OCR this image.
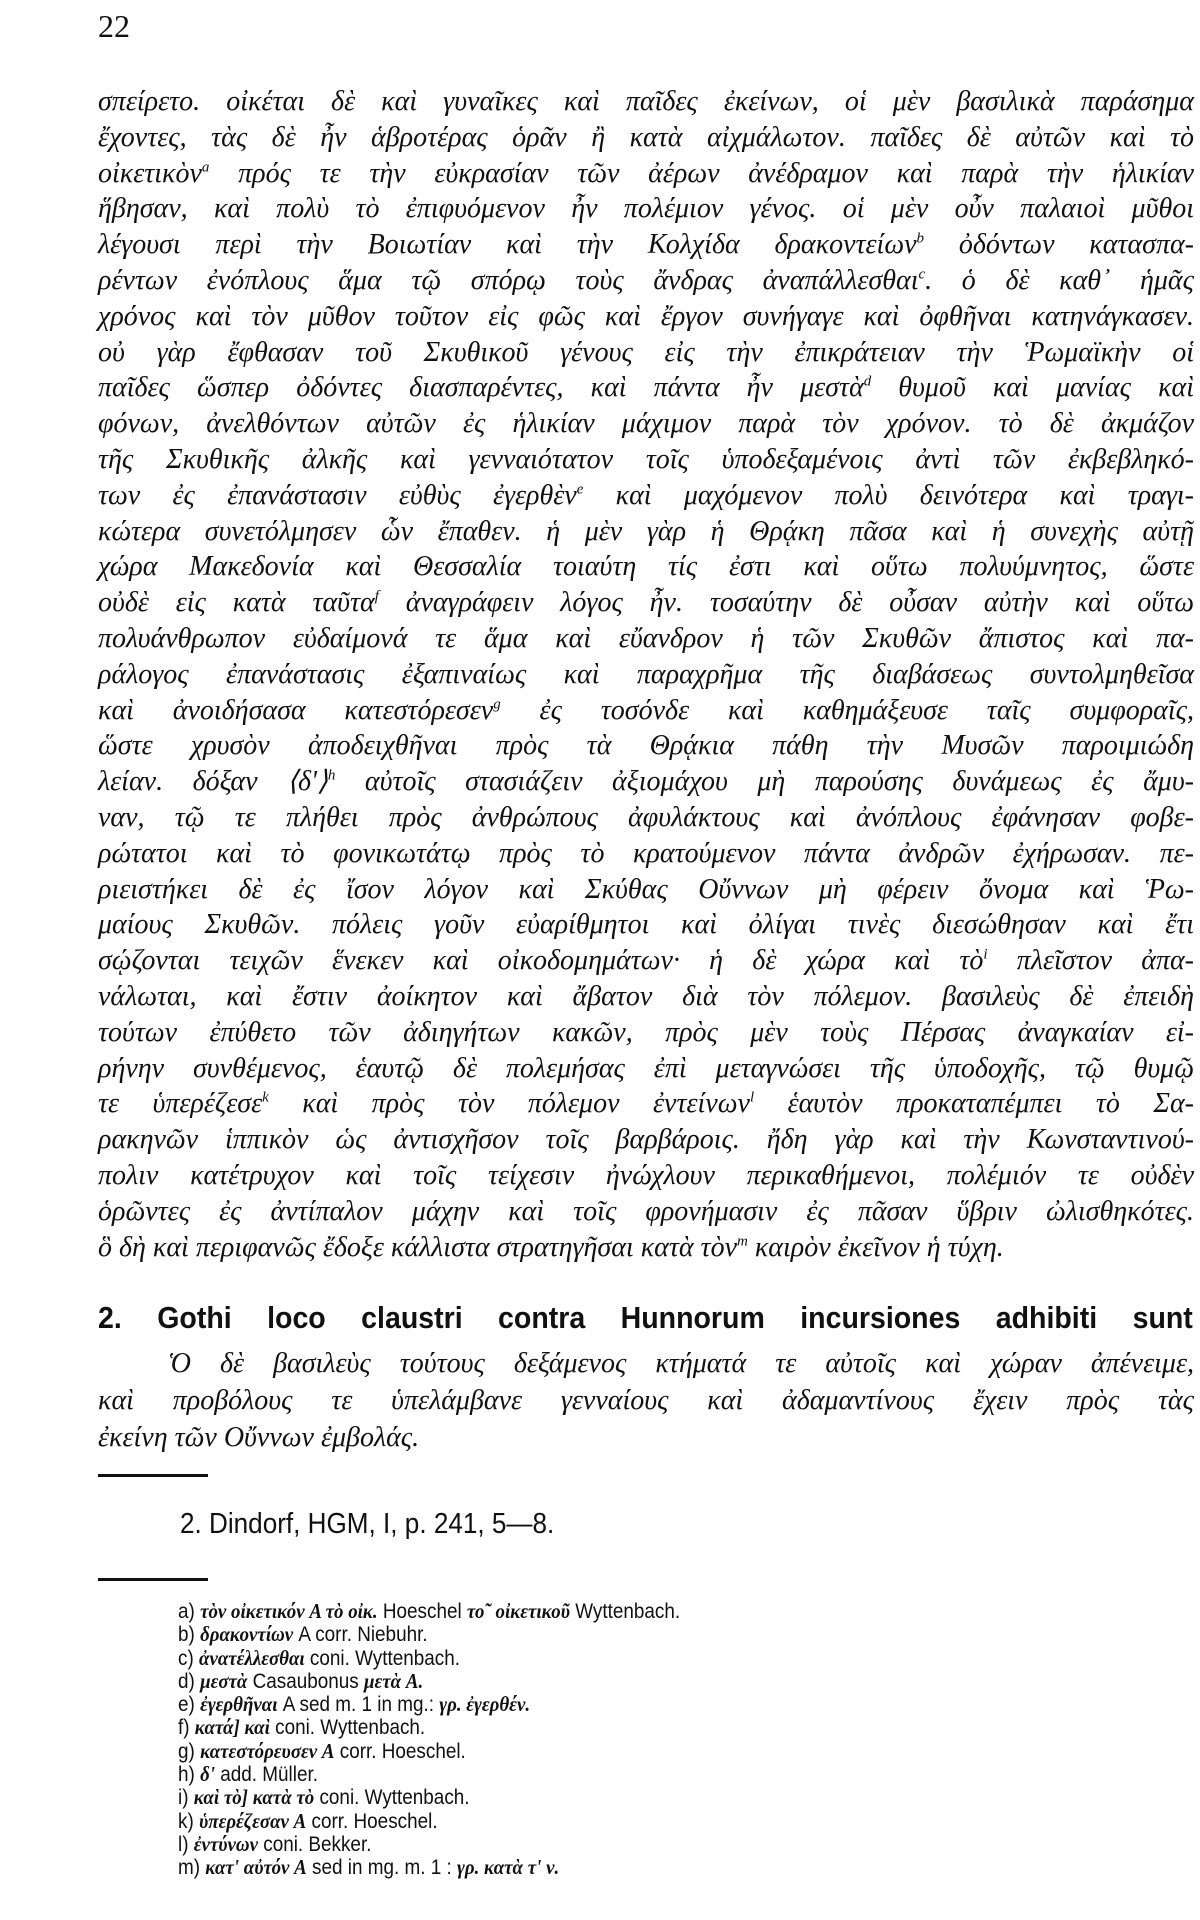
22
σπείρετο. οἰκέται δὲ καὶ γυναῖκες καὶ παῖδες ἐκείνων, οἱ μὲν βασιλικὰ παράσημα
ἔχοντες, τὰς δὲ ἦν ἁβροτέρας ὁρᾶν ἢ κατὰ αἰχμάλωτον. παῖδες δὲ αὐτῶν καὶ τὸ
οἰκετικὸν$^a$ πρός τε τὴν εὐκρασίαν τῶν ἀέρων ἀνέδραμον καὶ παρὰ τὴν ἡλικίαν
ἥβησαν, καὶ πολὺ τὸ ἐπιφυόμενον ἦν πολέμιον γένος. οἱ μὲν οὖν παλαιοὶ μῦθοι
λέγουσι περὶ τὴν Βοιωτίαν καὶ τὴν Κολχίδα δρακοντείων$^b$ ὀδόντων κατασπα-
ρέντων ἐνόπλους ἅμα τῷ σπόρῳ τοὺς ἄνδρας ἀναπάλλεσθαι$^c$. ὁ δὲ καθ᾽ ἡμᾶς
χρόνος καὶ τὸν μῦθον τοῦτον εἰς φῶς καὶ ἔργον συνήγαγε καὶ ὀφθῆναι κατηνάγκασεν.
οὐ γὰρ ἔφθασαν τοῦ Σκυθικοῦ γένους εἰς τὴν ἐπικράτειαν τὴν Ῥωμαϊκὴν οἱ
παῖδες ὥσπερ ὀδόντες διασπαρέντες, καὶ πάντα ἦν μεστὰ$^d$ θυμοῦ καὶ μανίας καὶ
φόνων, ἀνελθόντων αὐτῶν ἐς ἡλικίαν μάχιμον παρὰ τὸν χρόνον. τὸ δὲ ἀκμάζον
τῆς Σκυθικῆς ἀλκῆς καὶ γενναιότατον τοῖς ὑποδεξαμένοις ἀντὶ τῶν ἐκβεβληκό-
των ἐς ἐπανάστασιν εὐθὺς ἐγερθὲν$^e$ καὶ μαχόμενον πολὺ δεινότερα καὶ τραγι-
κώτερα συνετόλμησεν ὧν ἔπαθεν. ἡ μὲν γὰρ ἡ Θρᾴκη πᾶσα καὶ ἡ συνεχὴς αὐτῇ
χώρα Μακεδονία καὶ Θεσσαλία τοιαύτη τίς ἐστι καὶ οὕτω πολυύμνητος, ὥστε
οὐδὲ εἰς κατὰ ταῦτα$^f$ ἀναγράφειν λόγος ἦν. τοσαύτην δὲ οὖσαν αὐτὴν καὶ οὕτω
πολυάνθρωπον εὐδαίμονά τε ἅμα καὶ εὔανδρον ἡ τῶν Σκυθῶν ἄπιστος καὶ πα-
ράλογος ἐπανάστασις ἐξαπιναίως καὶ παραχρῆμα τῆς διαβάσεως συντολμηθεῖσα
καὶ ἀνοιδήσασα κατεστόρεσεν$^g$ ἐς τοσόνδε καὶ καθημάξευσε ταῖς συμφοραῖς,
ὥστε χρυσὸν ἀποδειχθῆναι πρὸς τὰ Θρᾴκια πάθη τὴν Μυσῶν παροιμιώδη
λείαν. δόξαν ⟨δ'⟩$^h$ αὐτοῖς στασιάζειν ἀξιομάχου μὴ παρούσης δυνάμεως ἐς ἄμυ-
ναν, τῷ τε πλήθει πρὸς ἀνθρώπους ἀφυλάκτους καὶ ἀνόπλους ἐφάνησαν φοβε-
ρώτατοι καὶ τὸ φονικωτάτῳ πρὸς τὸ κρατούμενον πάντα ἀνδρῶν ἐχήρωσαν. πε-
ριειστήκει δὲ ἐς ἴσον λόγον καὶ Σκύθας Οὔννων μὴ φέρειν ὄνομα καὶ Ῥω-
μαίους Σκυθῶν. πόλεις γοῦν εὐαρίθμητοι καὶ ὀλίγαι τινὲς διεσώθησαν καὶ ἔτι
σῴζονται τειχῶν ἕνεκεν καὶ οἰκοδομημάτων· ἡ δὲ χώρα καὶ τὸ$^i$ πλεῖστον ἀπα-
νάλωται, καὶ ἔστιν ἀοίκητον καὶ ἄβατον διὰ τὸν πόλεμον. βασιλεὺς δὲ ἐπειδὴ
τούτων ἐπύθετο τῶν ἀδιηγήτων κακῶν, πρὸς μὲν τοὺς Πέρσας ἀναγκαίαν εἰ-
ρήνην συνθέμενος, ἑαυτῷ δὲ πολεμήσας ἐπὶ μεταγνώσει τῆς ὑποδοχῆς, τῷ θυμῷ
τε ὑπερέζεσε$^k$ καὶ πρὸς τὸν πόλεμον ἐντείνων$^l$ ἑαυτὸν προκαταπέμπει τὸ Σα-
ρακηνῶν ἱππικὸν ὡς ἀντισχῆσον τοῖς βαρβάροις. ἤδη γὰρ καὶ τὴν Κωνσταντινού-
πολιν κατέτρυχον καὶ τοῖς τείχεσιν ἠνώχλουν περικαθήμενοι, πολέμιόν τε οὐδὲν
ὁρῶντες ἐς ἀντίπαλον μάχην καὶ τοῖς φρονήμασιν ἐς πᾶσαν ὕβριν ὠλισθηκότες.
ὃ δὴ καὶ περιφανῶς ἔδοξε κάλλιστα στρατηγῆσαι κατὰ τὸν$^m$ καιρὸν ἐκεῖνον ἡ τύχη.
2. Gothi loco claustri contra Hunnorum incursiones adhibiti sunt
Ὁ δὲ βασιλεὺς τούτους δεξάμενος κτήματά τε αὐτοῖς καὶ χώραν ἀπένειμε,
καὶ προβόλους τε ὑπελάμβανε γενναίους καὶ ἀδαμαντίνους ἔχειν πρὸς τὰς
ἐκείνη τῶν Οὔννων ἐμβολάς.
2. Dindorf, HGM, I, p. 241, 5—8.
a) τὸν οἰκετικόν A τὸ οἰκ. Hoeschel το῀ οἰκετικοῦ Wyttenbach.
b) δρακοντίων A corr. Niebuhr.
c) ἀνατέλλεσθαι coni. Wyttenbach.
d) μεστὰ Casaubonus μετὰ A.
e) ἐγερθῆναι A sed m. 1 in mg.: γρ. ἐγερθέν.
f) κατά] καὶ coni. Wyttenbach.
g) κατεστόρευσεν A corr. Hoeschel.
h) δ' add. Müller.
i) καὶ τὸ] κατὰ τὸ coni. Wyttenbach.
k) ὑπερέζεσαν A corr. Hoeschel.
l) ἐντύνων coni. Bekker.
m) κατ' αὐτόν A sed in mg. m. 1 : γρ. κατὰ τ' ν.
